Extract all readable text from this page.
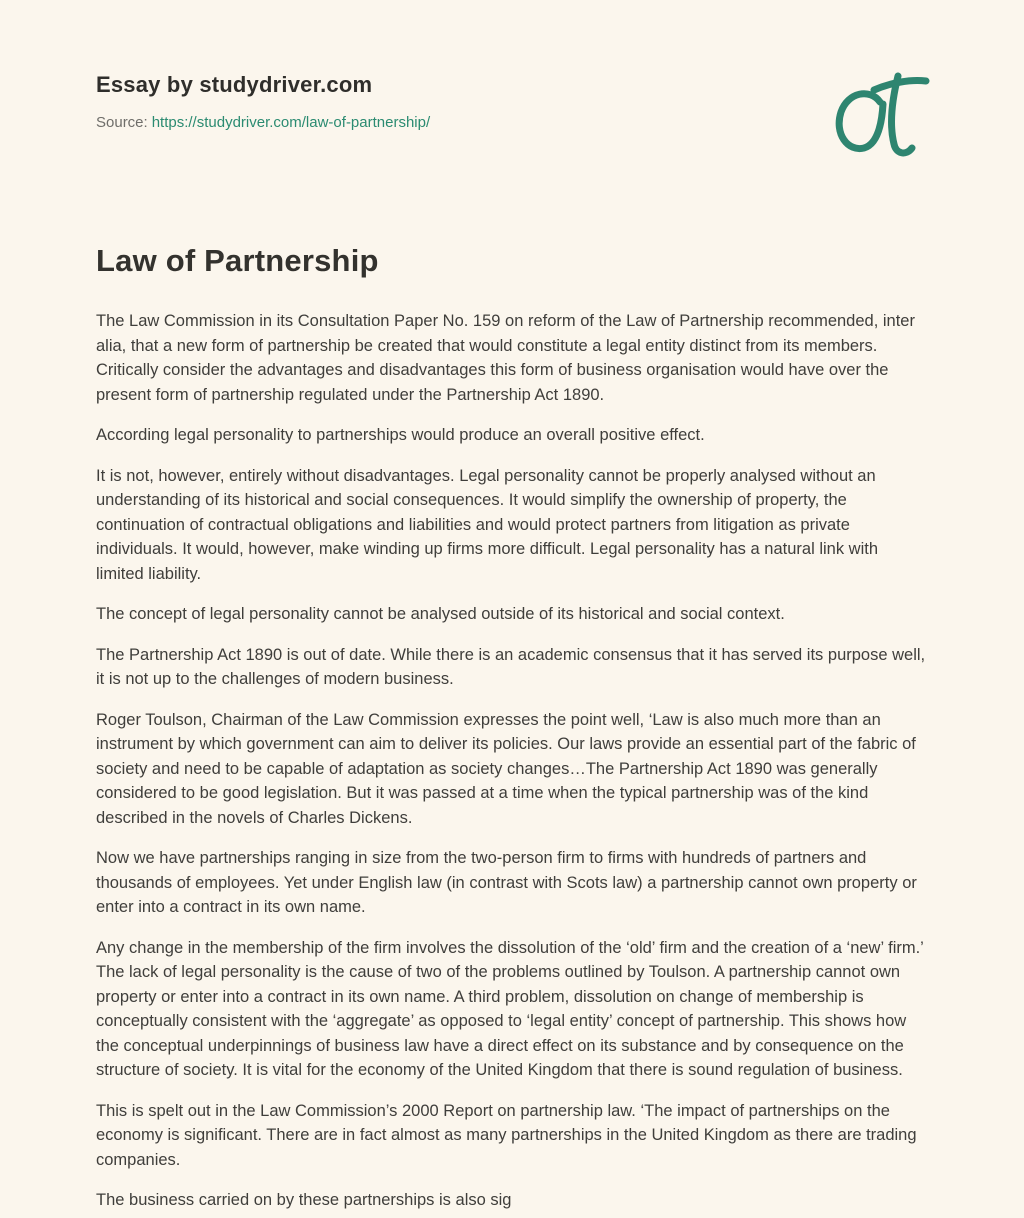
Essay by studydriver.com
Source: https://studydriver.com/law-of-partnership/
Law of Partnership

The Law Commission in its Consultation Paper No. 159 on reform of the Law of Partnership recommended, inter alia, that a new form of partnership be created that would constitute a legal entity distinct from its members. Critically consider the advantages and disadvantages this form of business organisation would have over the present form of partnership regulated under the Partnership Act 1890.

According legal personality to partnerships would produce an overall positive effect.

It is not, however, entirely without disadvantages. Legal personality cannot be properly analysed without an understanding of its historical and social consequences. It would simplify the ownership of property, the continuation of contractual obligations and liabilities and would protect partners from litigation as private individuals. It would, however, make winding up firms more difficult. Legal personality has a natural link with limited liability.

The concept of legal personality cannot be analysed outside of its historical and social context.

The Partnership Act 1890 is out of date. While there is an academic consensus that it has served its purpose well, it is not up to the challenges of modern business.

Roger Toulson, Chairman of the Law Commission expresses the point well, ‘Law is also much more than an instrument by which government can aim to deliver its policies. Our laws provide an essential part of the fabric of society and need to be capable of adaptation as society changes…The Partnership Act 1890 was generally considered to be good legislation. But it was passed at a time when the typical partnership was of the kind described in the novels of Charles Dickens.

Now we have partnerships ranging in size from the two-person firm to firms with hundreds of partners and thousands of employees. Yet under English law (in contrast with Scots law) a partnership cannot own property or enter into a contract in its own name.

Any change in the membership of the firm involves the dissolution of the ‘old’ firm and the creation of a ‘new’ firm.’ The lack of legal personality is the cause of two of the problems outlined by Toulson. A partnership cannot own property or enter into a contract in its own name. A third problem, dissolution on change of membership is conceptually consistent with the ‘aggregate’ as opposed to ‘legal entity’ concept of partnership. This shows how the conceptual underpinnings of business law have a direct effect on its substance and by consequence on the structure of society. It is vital for the economy of the United Kingdom that there is sound regulation of business.

This is spelt out in the Law Commission’s 2000 Report on partnership law. ‘The impact of partnerships on the economy is significant. There are in fact almost as many partnerships in the United Kingdom as there are trading companies.

The business carried on by these partnerships is also sig
